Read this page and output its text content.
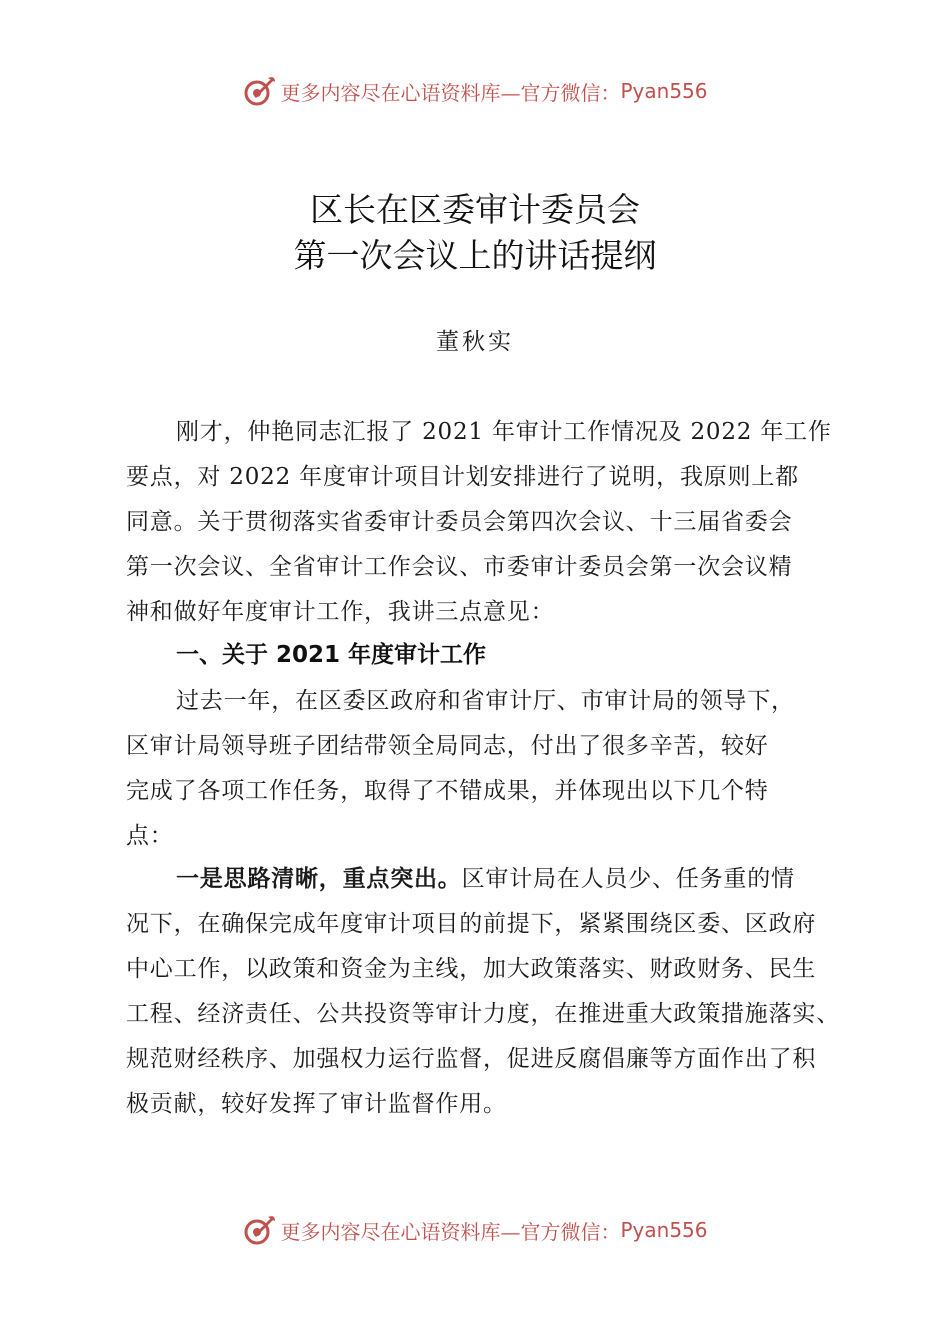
更多内容尽在心语资料库—官方微信： Pyan556
区长在区委审计委员会
第一次会议上的讲话提纲
董秋实
刚才，仲艳同志汇报了 2021 年审计工作情况及 2022 年工作
要点，对 2022 年度审计项目计划安排进行了说明，我原则上都
同意。关于贯彻落实省委审计委员会第四次会议、十三届省委会
第一次会议、全省审计工作会议、市委审计委员会第一次会议精
神和做好年度审计工作，我讲三点意见：
一、关于 2021 年度审计工作
过去一年，在区委区政府和省审计厅、市审计局的领导下，
区审计局领导班子团结带领全局同志，付出了很多辛苦，较好
完成了各项工作任务，取得了不错成果，并体现出以下几个特
点：
一是思路清晰，重点突出。区审计局在人员少、任务重的情
况下，在确保完成年度审计项目的前提下，紧紧围绕区委、区政府
中心工作，以政策和资金为主线，加大政策落实、财政财务、民生
工程、经济责任、公共投资等审计力度，在推进重大政策措施落实、
规范财经秩序、加强权力运行监督，促进反腐倡廉等方面作出了积
极贡献，较好发挥了审计监督作用。
更多内容尽在心语资料库—官方微信： Pyan556
